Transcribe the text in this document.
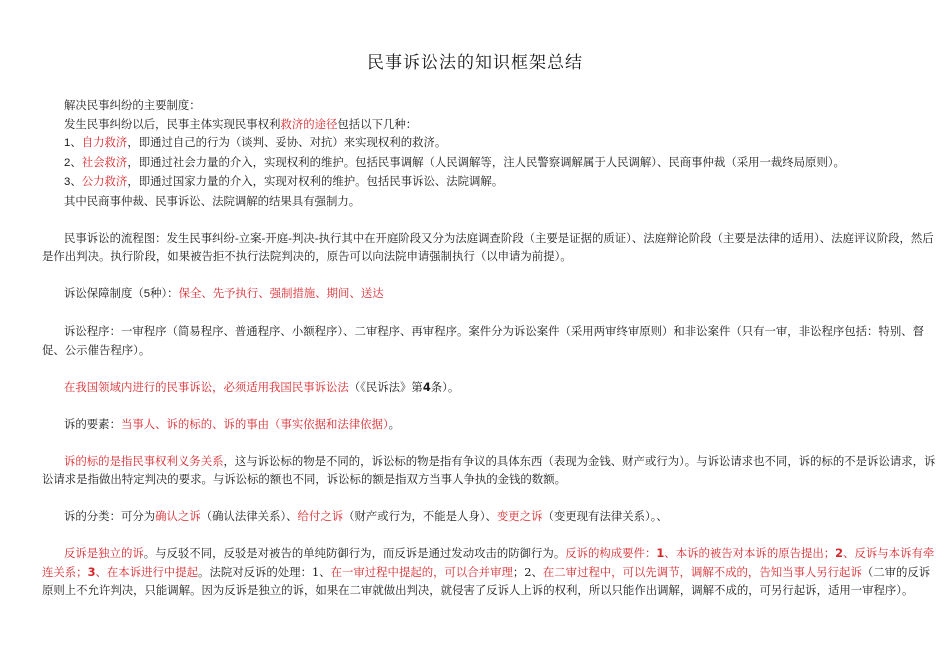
民事诉讼法的知识框架总结
解决民事纠纷的主要制度：
发生民事纠纷以后，民事主体实现民事权利救济的途径包括以下几种：
1、自力救济，即通过自己的行为（谈判、妥协、对抗）来实现权利的救济。
2、社会救济，即通过社会力量的介入，实现权利的维护。包括民事调解（人民调解等，注人民警察调解属于人民调解）、民商事仲裁（采用一裁终局原则）。
3、公力救济，即通过国家力量的介入，实现对权利的维护。包括民事诉讼、法院调解。
其中民商事仲裁、民事诉讼、法院调解的结果具有强制力。
民事诉讼的流程图：发生民事纠纷-立案-开庭-判决-执行其中在开庭阶段又分为法庭调查阶段（主要是证据的质证）、法庭辩论阶段（主要是法律的适用）、法庭评议阶段，然后是作出判决。执行阶段，如果被告拒不执行法院判决的，原告可以向法院申请强制执行（以申请为前提）。
诉讼保障制度（5种）：保全、先予执行、强制措施、期间、送达
诉讼程序：一审程序（简易程序、普通程序、小额程序）、二审程序、再审程序。案件分为诉讼案件（采用两审终审原则）和非讼案件（只有一审，非讼程序包括：特别、督促、公示催告程序）。
在我国领域内进行的民事诉讼，必须适用我国民事诉讼法（《民诉法》第4条）。
诉的要素：当事人、诉的标的、诉的事由（事实依据和法律依据）。
诉的标的是指民事权利义务关系，这与诉讼标的物是不同的，诉讼标的物是指有争议的具体东西（表现为金钱、财产或行为）。与诉讼请求也不同，诉的标的不是诉讼请求，诉讼请求是指做出特定判决的要求。与诉讼标的额也不同，诉讼标的额是指双方当事人争执的金钱的数额。
诉的分类：可分为确认之诉（确认法律关系）、给付之诉（财产或行为，不能是人身）、变更之诉（变更现有法律关系）。、
反诉是独立的诉。与反驳不同，反驳是对被告的单纯防御行为，而反诉是通过发动攻击的防御行为。反诉的构成要件：1、本诉的被告对本诉的原告提出；2、反诉与本诉有牵连关系；3、在本诉进行中提起。法院对反诉的处理：1、在一审过程中提起的，可以合并审理；2、在二审过程中，可以先调节，调解不成的，告知当事人另行起诉（二审的反诉原则上不允许判决，只能调解。因为反诉是独立的诉，如果在二审就做出判决，就侵害了反诉人上诉的权利，所以只能作出调解，调解不成的，可另行起诉，适用一审程序）。
